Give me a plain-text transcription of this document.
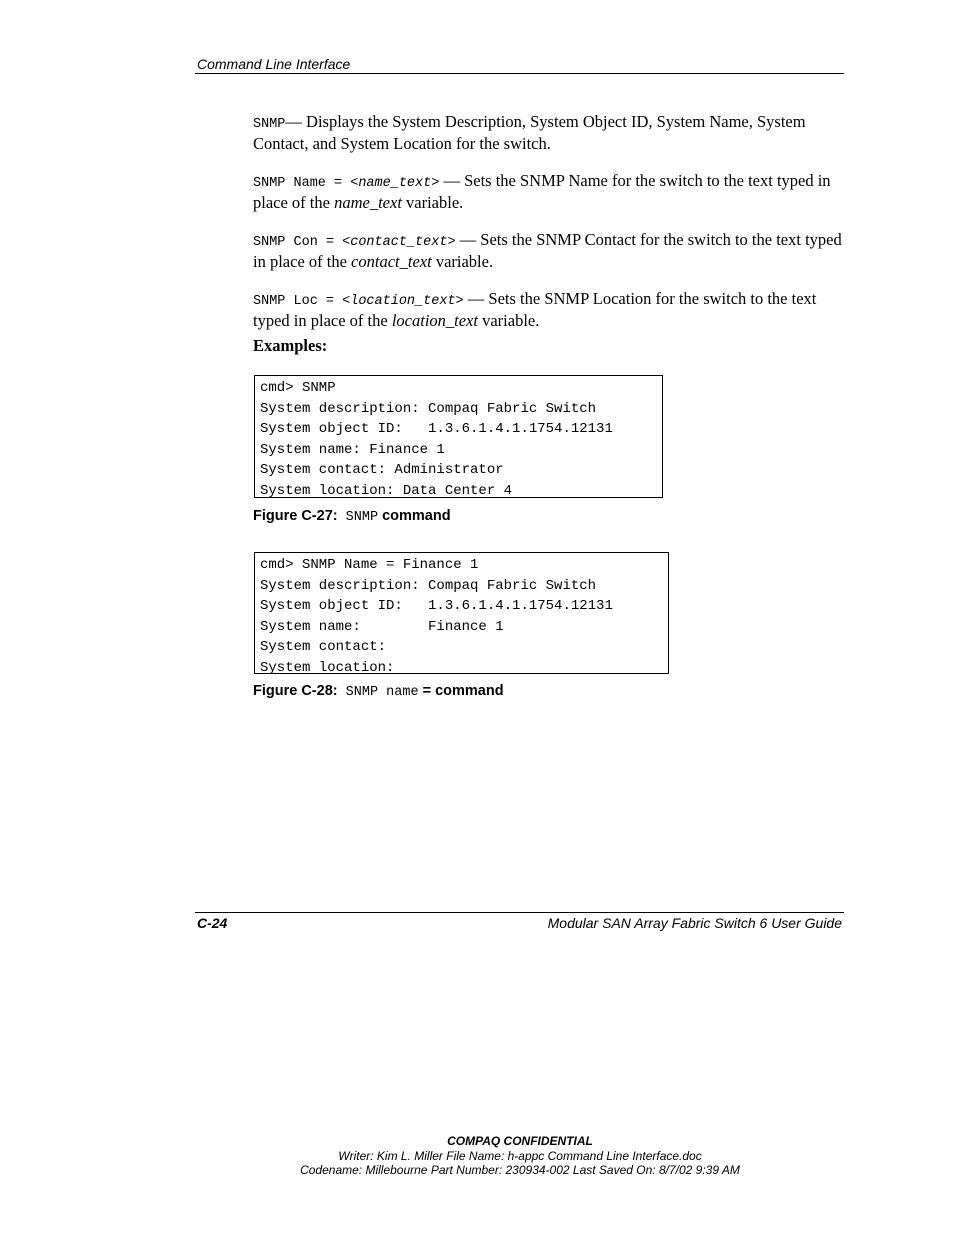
Command Line Interface

SNMP— Displays the System Description, System Object ID, System Name, System Contact, and System Location for the switch.

SNMP Name = <name_text> — Sets the SNMP Name for the switch to the text typed in place of the name_text variable.

SNMP Con = <contact_text> — Sets the SNMP Contact for the switch to the text typed in place of the contact_text variable.

SNMP Loc = <location_text> — Sets the SNMP Location for the switch to the text typed in place of the location_text variable.

Examples:
cmd> SNMP
System description: Compaq Fabric Switch
System object ID:   1.3.6.1.4.1.1754.12131
System name: Finance 1
System contact: Administrator
System location: Data Center 4
Figure C-27: SNMP command
cmd> SNMP Name = Finance 1
System description: Compaq Fabric Switch
System object ID:   1.3.6.1.4.1.1754.12131
System name:        Finance 1
System contact:
System location:
Figure C-28: SNMP name = command
C-24	Modular SAN Array Fabric Switch 6 User Guide
COMPAQ CONFIDENTIAL
Writer: Kim L. Miller File Name: h-appc Command Line Interface.doc
Codename: Millebourne Part Number: 230934-002 Last Saved On: 8/7/02 9:39 AM
